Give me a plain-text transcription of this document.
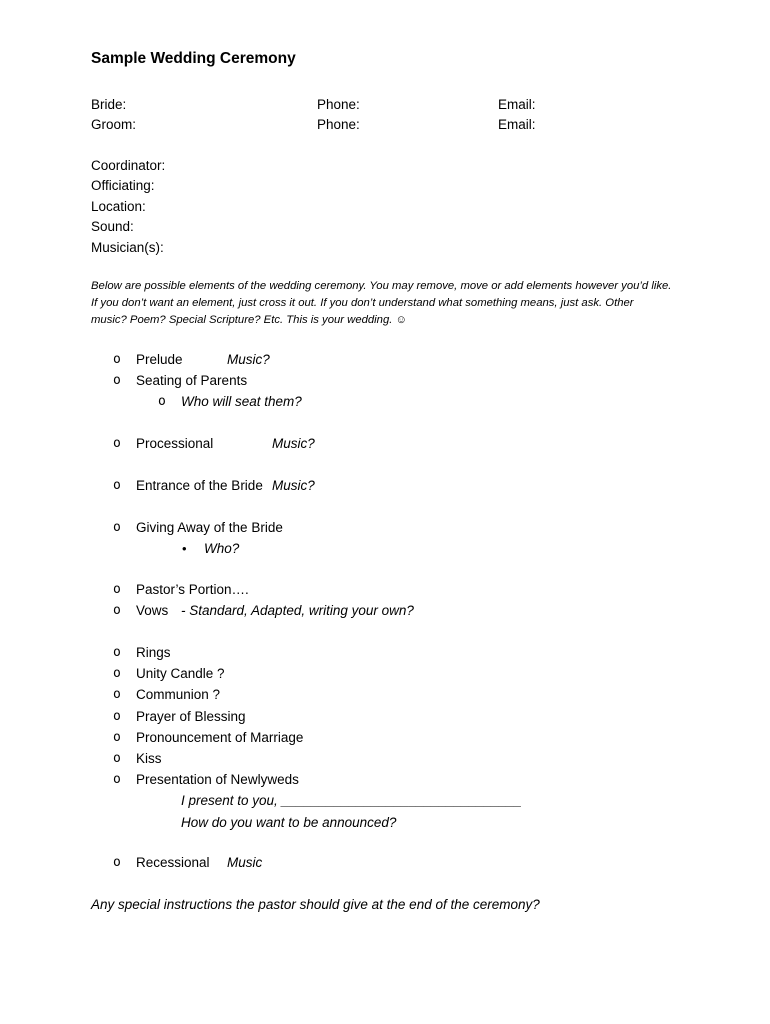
Sample Wedding Ceremony
Bride:	Phone:	Email:
Groom:	Phone:	Email:
Coordinator:
Officiating:
Location:
Sound:
Musician(s):
Below are possible elements of the wedding ceremony. You may remove, move or add elements however you’d like.
If you don’t want an element, just cross it out. If you don’t understand what something means, just ask. Other
music? Poem? Special Scripture? Etc. This is your wedding. ☺
o Prelude	Music?
o Seating of Parents
o Who will seat them?
o Processional	Music?
o Entrance of the Bride Music?
o Giving Away of the Bride
• Who?
o Pastor’s Portion….
o Vows - Standard, Adapted, writing your own?
o Rings
o Unity Candle ?
o Communion ?
o Prayer of Blessing
o Pronouncement of Marriage
o Kiss
o Presentation of Newlyweds
I present to you, ________________________________
How do you want to be announced?
o Recessional Music
Any special instructions the pastor should give at the end of the ceremony?
